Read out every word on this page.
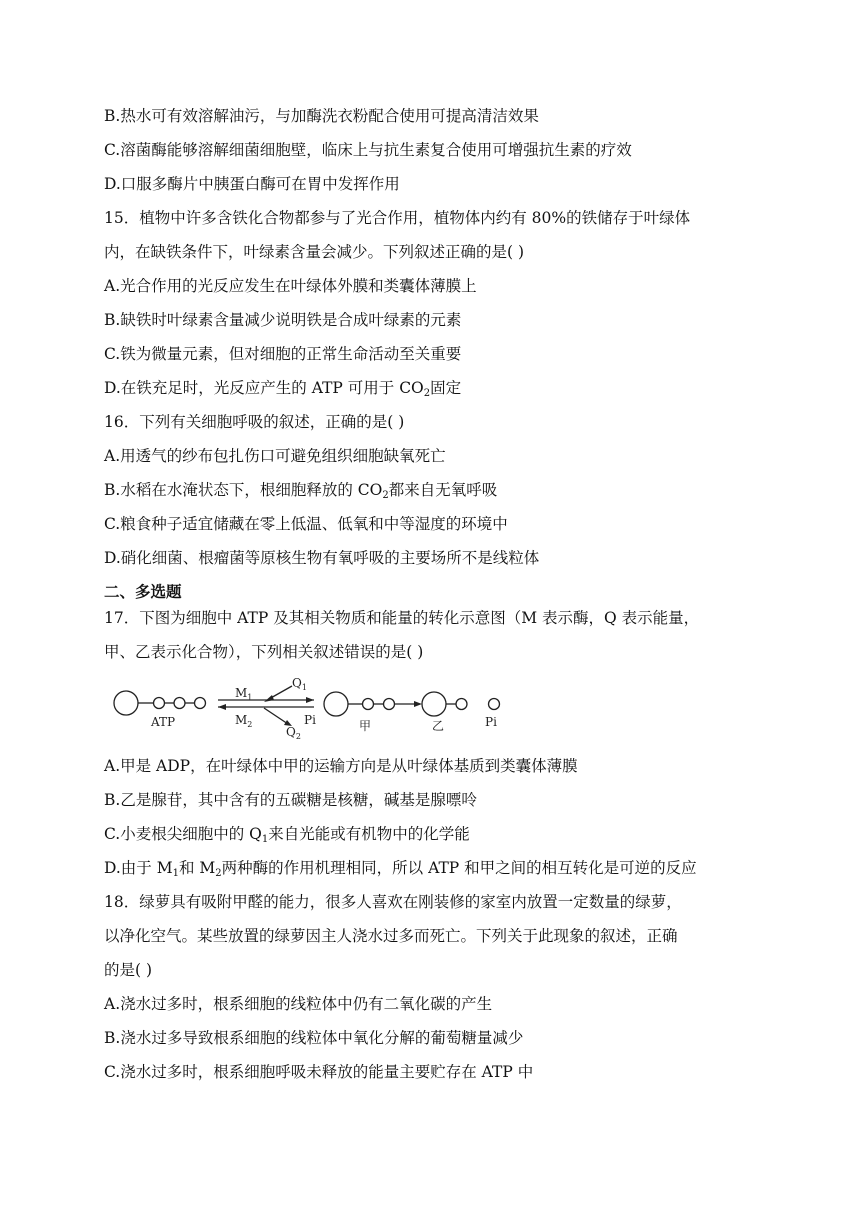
B.热水可有效溶解油污，与加酶洗衣粉配合使用可提高清洁效果
C.溶菌酶能够溶解细菌细胞壁，临床上与抗生素复合使用可增强抗生素的疗效
D.口服多酶片中胰蛋白酶可在胃中发挥作用
15．植物中许多含铁化合物都参与了光合作用，植物体内约有 80%的铁储存于叶绿体
内，在缺铁条件下，叶绿素含量会减少。下列叙述正确的是( )
A.光合作用的光反应发生在叶绿体外膜和类囊体薄膜上
B.缺铁时叶绿素含量减少说明铁是合成叶绿素的元素
C.铁为微量元素，但对细胞的正常生命活动至关重要
D.在铁充足时，光反应产生的 ATP 可用于 $CO_2$固定
16．下列有关细胞呼吸的叙述，正确的是( )
A.用透气的纱布包扎伤口可避免组织细胞缺氧死亡
B.水稻在水淹状态下，根细胞释放的 $CO_2$都来自无氧呼吸
C.粮食种子适宜储藏在零上低温、低氧和中等湿度的环境中
D.硝化细菌、根瘤菌等原核生物有氧呼吸的主要场所不是线粒体
二、多选题
17．下图为细胞中 ATP 及其相关物质和能量的转化示意图（M 表示酶，Q 表示能量，
甲、乙表示化合物），下列相关叙述错误的是( )
ATP
$M_1$
$M_2$
$Q_1$
$Q_2$
Pi	甲	乙	Pi
A.甲是 ADP，在叶绿体中甲的运输方向是从叶绿体基质到类囊体薄膜
B.乙是腺苷，其中含有的五碳糖是核糖，碱基是腺嘌呤
C.小麦根尖细胞中的 $Q_1$来自光能或有机物中的化学能
D.由于 $M_1$和 $M_2$两种酶的作用机理相同，所以 ATP 和甲之间的相互转化是可逆的反应
18．绿萝具有吸附甲醛的能力，很多人喜欢在刚装修的家室内放置一定数量的绿萝，
以净化空气。某些放置的绿萝因主人浇水过多而死亡。下列关于此现象的叙述，正确
的是( )
A.浇水过多时，根系细胞的线粒体中仍有二氧化碳的产生
B.浇水过多导致根系细胞的线粒体中氧化分解的葡萄糖量减少
C.浇水过多时，根系细胞呼吸未释放的能量主要贮存在 ATP 中
